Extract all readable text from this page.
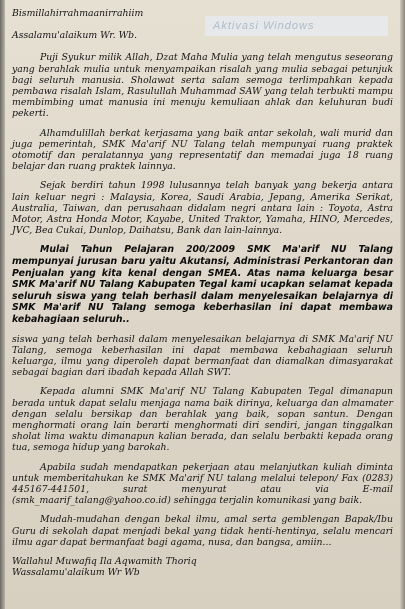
Aktivasi Windows

Bismillahirrahmaanirrahiim

Assalamu'alaikum Wr. Wb.

Puji Syukur milik Allah, Dzat Maha Mulia yang telah mengutus seseorang yang berahlak mulia untuk menyampaikan risalah yang mulia sebagai petunjuk bagi seluruh manusia. Sholawat serta salam semoga terlimpahkan kepada pembawa risalah Islam, Rasulullah Muhammad SAW yang telah terbukti mampu membimbing umat manusia ini menuju kemuliaan ahlak dan keluhuran budi pekerti.

Alhamdulillah berkat kerjasama yang baik antar sekolah, wali murid dan juga pemerintah, SMK Ma'arif NU Talang telah mempunyai ruang praktek otomotif dan peralatannya yang representatif dan memadai juga 18 ruang belajar dan ruang praktek lainnya.

Sejak berdiri tahun 1998 lulusannya telah banyak yang bekerja antara lain keluar negri : Malaysia, Korea, Saudi Arabia, Jepang, Amerika Serikat, Australia, Taiwan, dan perusahaan didalam negri antara lain : Toyota, Astra Motor, Astra Honda Motor, Kayabe, United Traktor, Yamaha, HINO, Mercedes, JVC, Bea Cukai, Dunlop, Daihatsu, Bank dan lain-lainnya.

Mulai Tahun Pelajaran 200/2009 SMK Ma'arif NU Talang mempunyai jurusan baru yaitu Akutansi, Administrasi Perkantoran dan Penjualan yang kita kenal dengan SMEA. Atas nama keluarga besar SMK Ma'arif NU Talang Kabupaten Tegal kami ucapkan selamat kepada seluruh siswa yang telah berhasil dalam menyelesaikan belajarnya di SMK Ma'arif NU Talang semoga keberhasilan ini dapat membawa kebahagiaan seluruh..

siswa yang telah berhasil dalam menyelesaikan belajarnya di SMK Ma'arif NU Talang, semoga keberhasilan ini dapat membawa kebahagiaan seluruh keluarga, ilmu yang diperoleh dapat bermanfaat dan diamalkan dimasyarakat sebagai bagian dari ibadah kepada Allah SWT.

Kepada alumni SMK Ma'arif NU Talang Kabupaten Tegal dimanapun berada untuk dapat selalu menjaga nama baik dirinya, keluarga dan almamater dengan selalu bersikap dan berahlak yang baik, sopan santun. Dengan menghormati orang lain berarti menghormati diri sendiri, jangan tinggalkan sholat lima waktu dimanapun kalian berada, dan selalu berbakti kepada orang tua, semoga hidup yang barokah.

Apabila sudah mendapatkan pekerjaan atau melanjutkan kuliah diminta untuk memberitahukan ke SMK Ma'arif NU talang melalui telepon/ Fax (0283) 445167-441501, surat menyurat atau via E-mail (smk_maarif_talang@yahoo.co.id) sehingga terjalin komunikasi yang baik.

Mudah-mudahan dengan bekal ilmu, amal serta gemblengan Bapak/Ibu Guru di sekolah dapat menjadi bekal yang tidak henti-hentinya, selalu mencari ilmu agar dapat bermanfaat bagi agama, nusa, dan bangsa, amiin...

Wallahul Muwafiq Ila Aqwamith Thoriq

Wassalamu'alaikum Wr Wb
